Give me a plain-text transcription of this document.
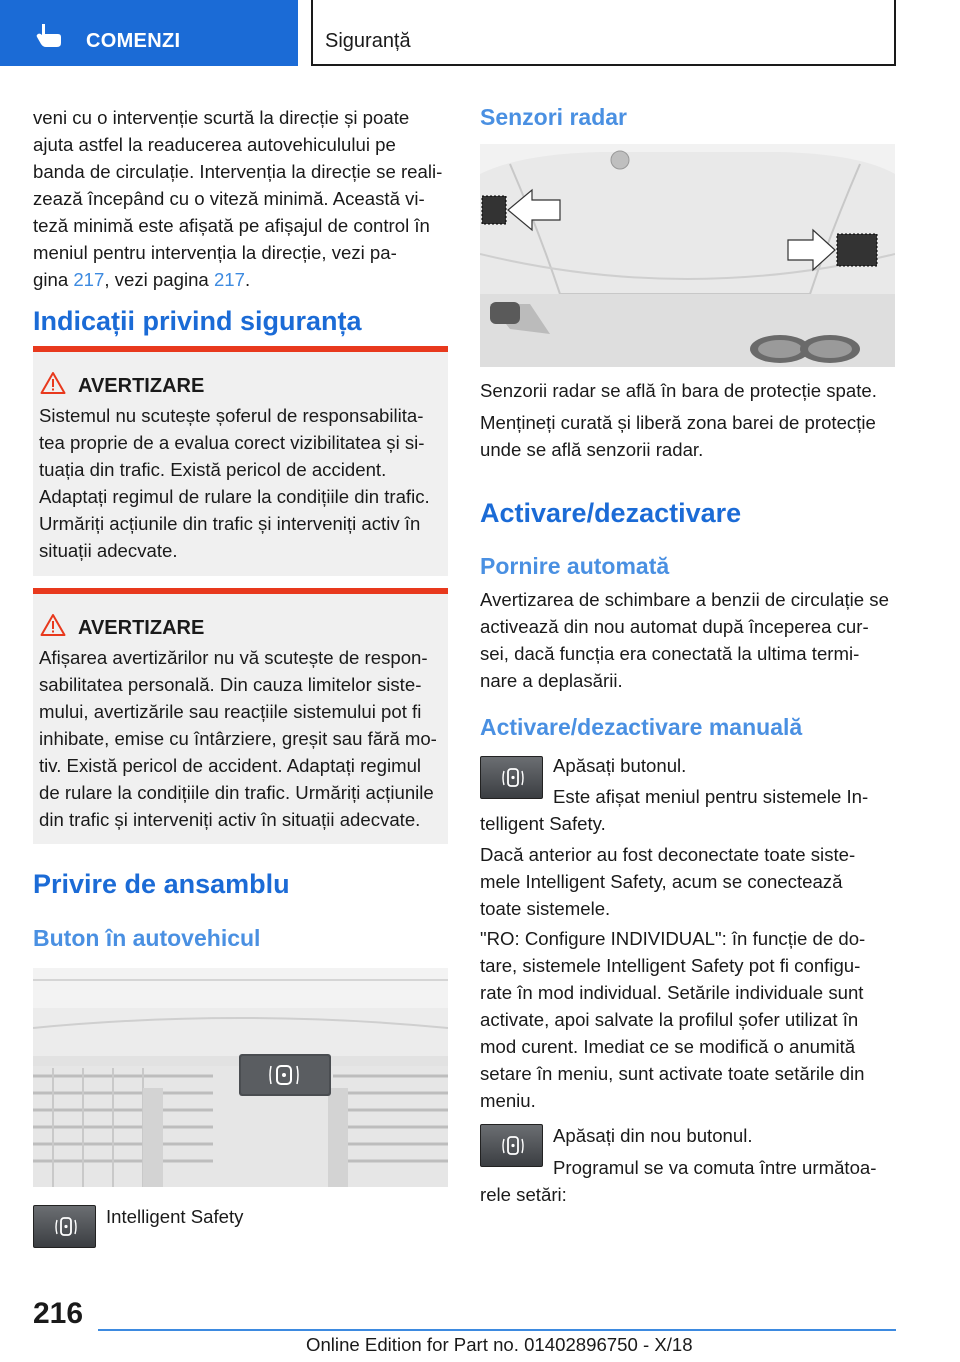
COMENZI	Siguranță
veni cu o intervenție scurtă la direcție și poate
ajuta astfel la readucerea autovehiculului pe
banda de circulație. Intervenția la direcție se reali-
zează începând cu o viteză minimă. Această vi-
teză minimă este afișată pe afișajul de control în
meniul pentru intervenția la direcție, vezi pa-
gina 217, vezi pagina 217.
Indicații privind siguranța
AVERTIZARE
Sistemul nu scutește șoferul de responsabilita-
tea proprie de a evalua corect vizibilitatea și si-
tuația din trafic. Există pericol de accident.
Adaptați regimul de rulare la condițiile din trafic.
Urmăriți acțiunile din trafic și interveniți activ în
situații adecvate.
AVERTIZARE
Afișarea avertizărilor nu vă scutește de respon-
sabilitatea personală. Din cauza limitelor siste-
mului, avertizările sau reacțiile sistemului pot fi
inhibate, emise cu întârziere, greșit sau fără mo-
tiv. Există pericol de accident. Adaptați regimul
de rulare la condițiile din trafic. Urmăriți acțiunile
din trafic și interveniți activ în situații adecvate.
Privire de ansamblu
Buton în autovehicul
Intelligent Safety
Senzori radar
Senzorii radar se află în bara de protecție spate.
Mențineți curată și liberă zona barei de protecție
unde se află senzorii radar.
Activare/dezactivare
Pornire automată
Avertizarea de schimbare a benzii de circulație se
activează din nou automat după începerea cur-
sei, dacă funcția era conectată la ultima termi-
nare a deplasării.
Activare/dezactivare manuală
Apăsați butonul.
Este afișat meniul pentru sistemele In-
telligent Safety.
Dacă anterior au fost deconectate toate siste-
mele Intelligent Safety, acum se conectează
toate sistemele.
"RO: Configure INDIVIDUAL": în funcție de do-
tare, sistemele Intelligent Safety pot fi configu-
rate în mod individual. Setările individuale sunt
activate, apoi salvate la profilul șofer utilizat în
mod curent. Imediat ce se modifică o anumită
setare în meniu, sunt activate toate setările din
meniu.
Apăsați din nou butonul.
Programul se va comuta între următoa-
rele setări:
216
Online Edition for Part no. 01402896750 - X/18
